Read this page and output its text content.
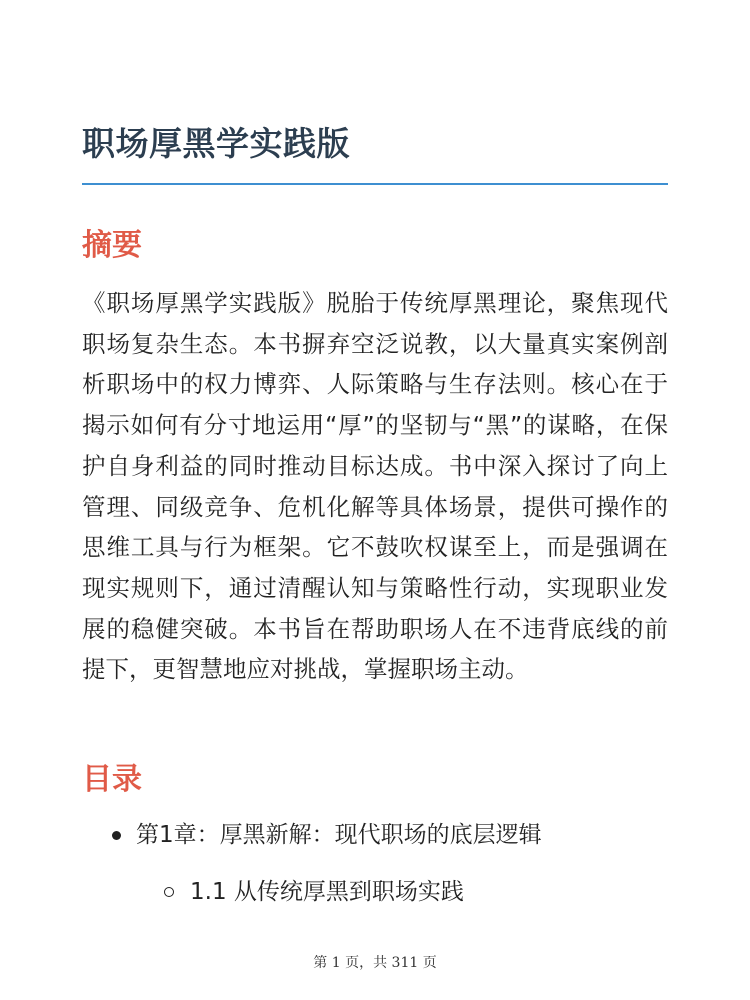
职场厚黑学实践版
摘要

《职场厚黑学实践版》脱胎于传统厚黑理论，聚焦现代职场复杂生态。本书摒弃空泛说教，以大量真实案例剖析职场中的权力博弈、人际策略与生存法则。核心在于揭示如何有分寸地运用“厚”的坚韧与“黑”的谋略，在保护自身利益的同时推动目标达成。书中深入探讨了向上管理、同级竞争、危机化解等具体场景，提供可操作的思维工具与行为框架。它不鼓吹权谋至上，而是强调在现实规则下，通过清醒认知与策略性行动，实现职业发展的稳健突破。本书旨在帮助职场人在不违背底线的前提下，更智慧地应对挑战，掌握职场主动。

目录
第1章：厚黑新解：现代职场的底层逻辑
1.1 从传统厚黑到职场实践
第 1 页，共 311 页
